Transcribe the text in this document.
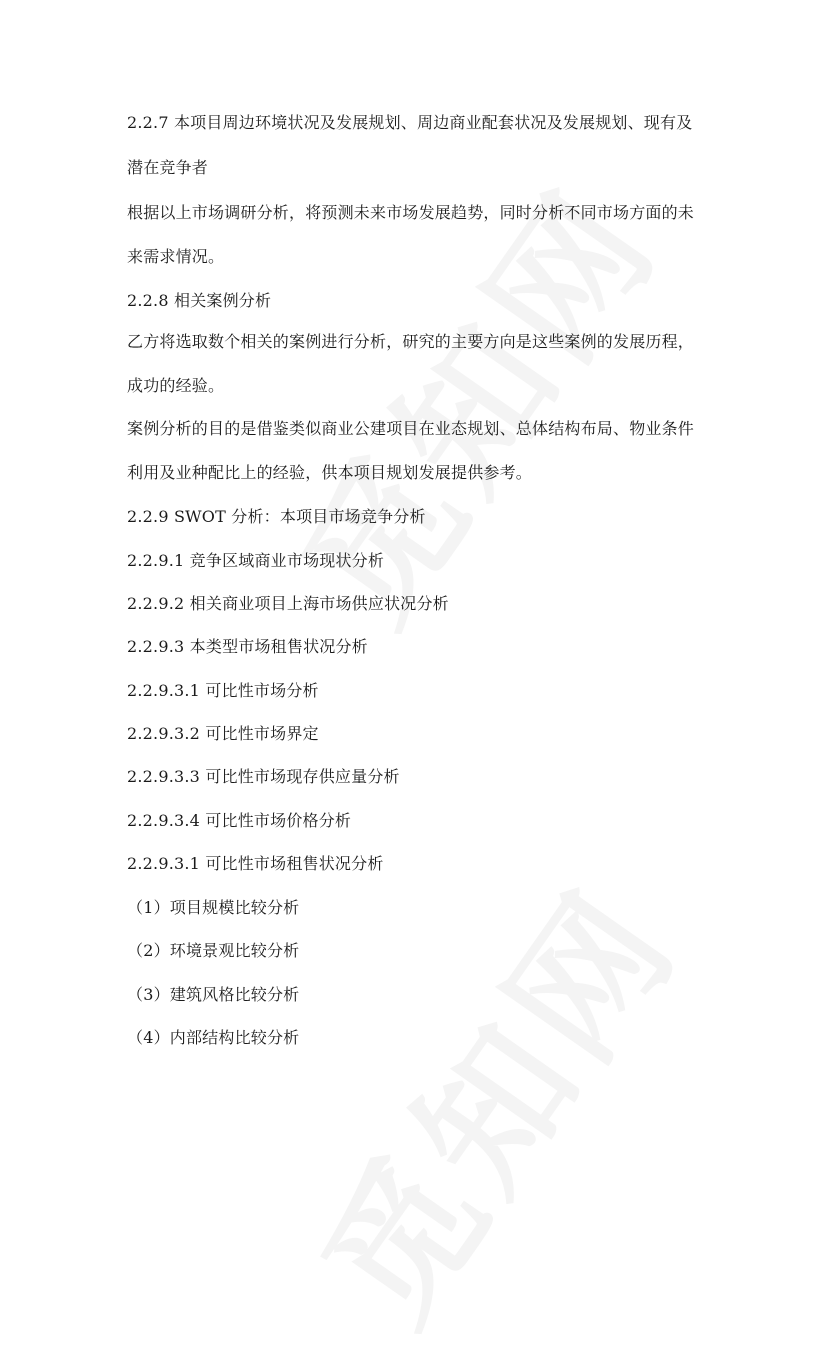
2.2.7 本项目周边环境状况及发展规划、周边商业配套状况及发展规划、现有及

潜在竞争者

根据以上市场调研分析，将预测未来市场发展趋势，同时分析不同市场方面的未

来需求情况。

2.2.8 相关案例分析

乙方将选取数个相关的案例进行分析，研究的主要方向是这些案例的发展历程，

成功的经验。

案例分析的目的是借鉴类似商业公建项目在业态规划、总体结构布局、物业条件

利用及业种配比上的经验，供本项目规划发展提供参考。

2.2.9 SWOT 分析：本项目市场竞争分析

2.2.9.1 竞争区域商业市场现状分析

2.2.9.2 相关商业项目上海市场供应状况分析

2.2.9.3 本类型市场租售状况分析

2.2.9.3.1 可比性市场分析

2.2.9.3.2 可比性市场界定

2.2.9.3.3 可比性市场现存供应量分析

2.2.9.3.4 可比性市场价格分析

2.2.9.3.1 可比性市场租售状况分析

（1）项目规模比较分析

（2）环境景观比较分析

（3）建筑风格比较分析

（4）内部结构比较分析
